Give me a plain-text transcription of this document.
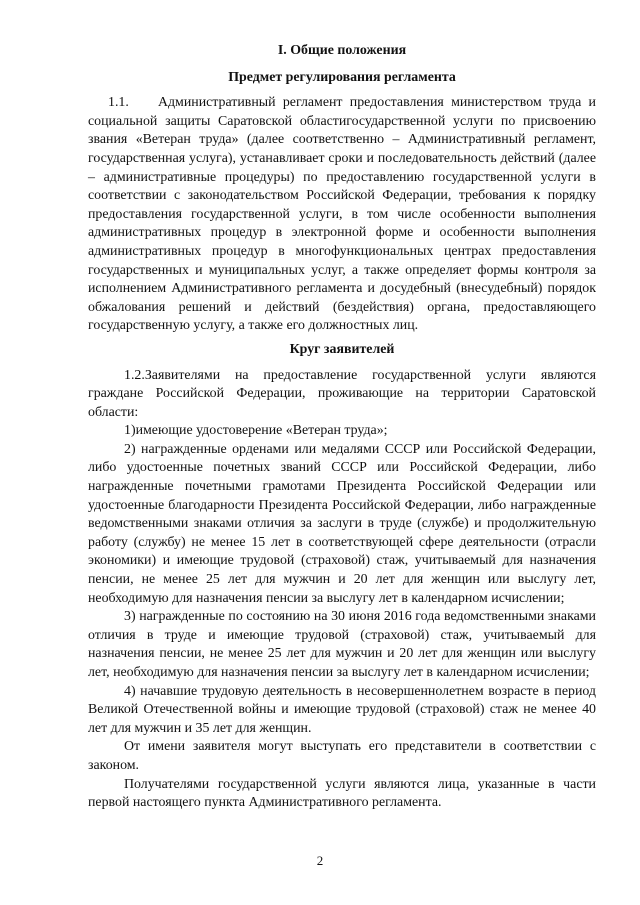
I. Общие положения

Предмет регулирования регламента

1.1.    Административный регламент предоставления министерством труда и социальной защиты Саратовской областигосударственной услуги по присвоению звания «Ветеран труда» (далее соответственно – Административный регламент, государственная услуга), устанавливает сроки и последовательность действий (далее – административные процедуры) по предоставлению государственной услуги в соответствии с законодательством Российской Федерации, требования к порядку предоставления государственной услуги, в том числе особенности выполнения административных процедур в электронной форме и особенности выполнения административных процедур в многофункциональных центрах предоставления государственных и муниципальных услуг, а также определяет формы контроля за исполнением Административного регламента и досудебный (внесудебный) порядок обжалования решений и действий (бездействия) органа, предоставляющего государственную услугу, а также его должностных лиц.

Круг заявителей

1.2.Заявителями на предоставление государственной услуги являются граждане Российской Федерации, проживающие на территории Саратовской области:

1)имеющие удостоверение «Ветеран труда»;

2) награжденные орденами или медалями СССР или Российской Федерации, либо удостоенные почетных званий СССР или Российской Федерации, либо награжденные почетными грамотами Президента Российской Федерации или удостоенные благодарности Президента Российской Федерации, либо награжденные ведомственными знаками отличия за заслуги в труде (службе) и продолжительную работу (службу) не менее 15 лет в соответствующей сфере деятельности (отрасли экономики) и имеющие трудовой (страховой) стаж, учитываемый для назначения пенсии, не менее 25 лет для мужчин и 20 лет для женщин или выслугу лет, необходимую для назначения пенсии за выслугу лет в календарном исчислении;

3) награжденные по состоянию на 30 июня 2016 года ведомственными знаками отличия в труде и имеющие трудовой (страховой) стаж, учитываемый для назначения пенсии, не менее 25 лет для мужчин и 20 лет для женщин или выслугу лет, необходимую для назначения пенсии за выслугу лет в календарном исчислении;

4) начавшие трудовую деятельность в несовершеннолетнем возрасте в период Великой Отечественной войны и имеющие трудовой (страховой) стаж не менее 40 лет для мужчин и 35 лет для женщин.

От имени заявителя могут выступать его представители в соответствии с законом.

Получателями государственной услуги являются лица, указанные в части первой настоящего пункта Административного регламента.

2
